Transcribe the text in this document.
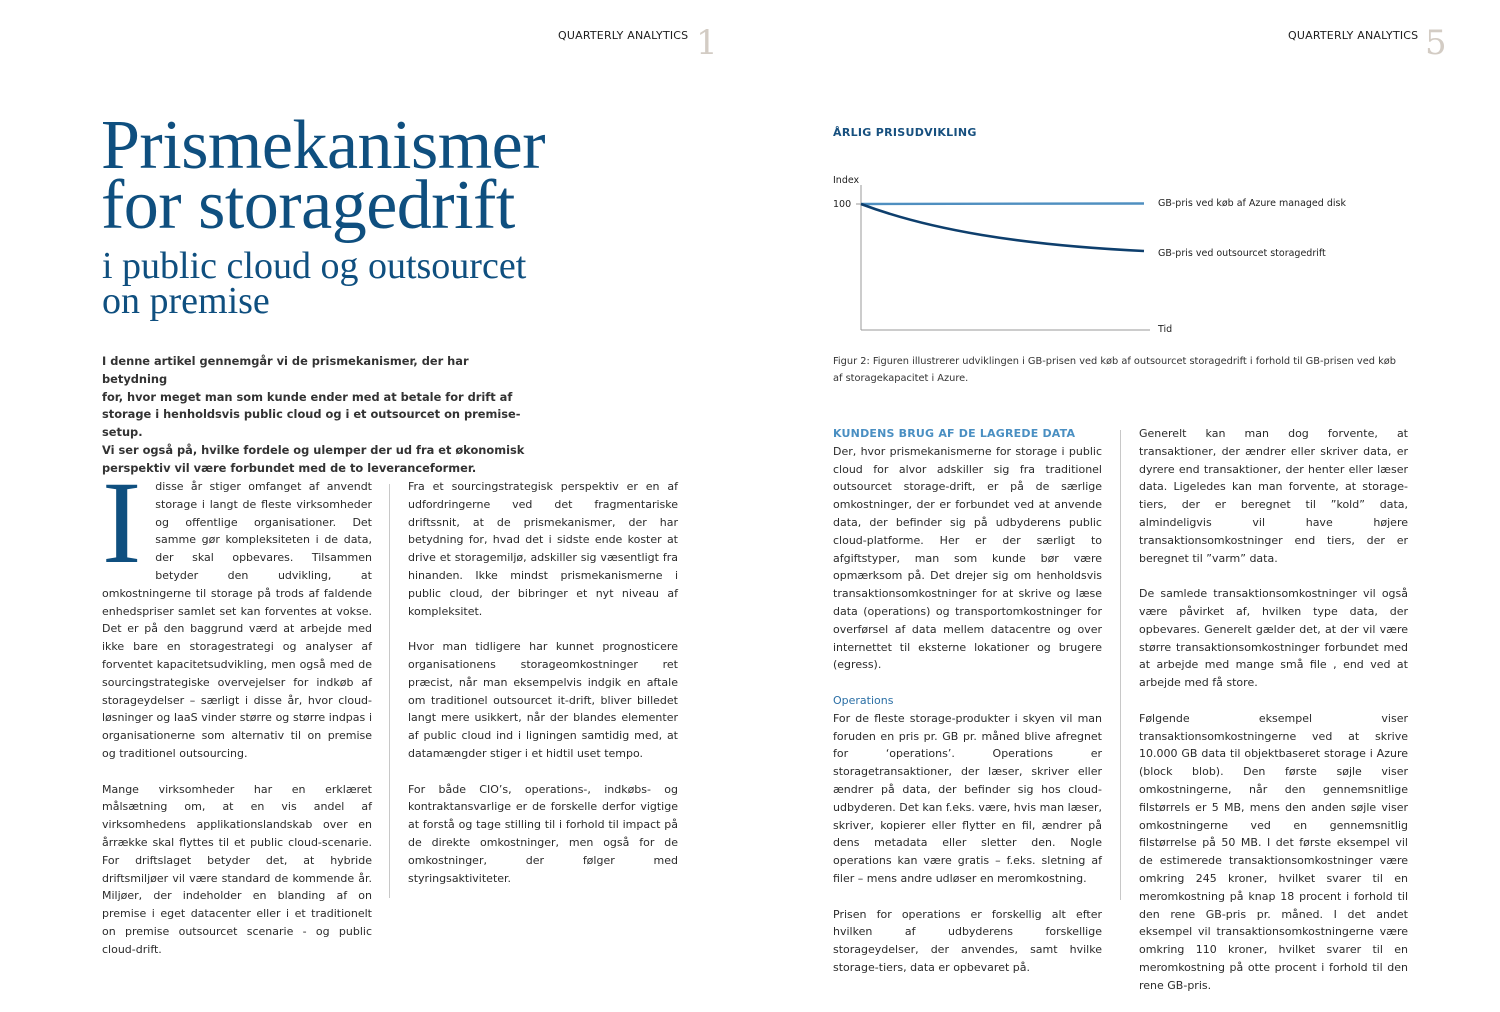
QUARTERLY ANALYTICS 1
Prismekanismer
for storagedrift
i public cloud og outsourcet
on premise
I denne artikel gennemgår vi de prismekanismer, der har betydning
for, hvor meget man som kunde ender med at betale for drift af
storage i henholdsvis public cloud og i et outsourcet on premise-setup.
Vi ser også på, hvilke fordele og ulemper der ud fra et økonomisk
perspektiv vil være forbundet med de to leveranceformer.

I disse år stiger omfanget af anvendt storage i langt de fleste virksomheder og offentlige organisationer. Det samme gør kompleksiteten i de data, der skal opbevares. Tilsammen betyder den udvikling, at omkostningerne til storage på trods af faldende enhedspriser samlet set kan forventes at vokse. Det er på den baggrund værd at arbejde med ikke bare en storagestrategi og analyser af forventet kapacitetsudvikling, men også med de sourcingstrategiske overvejelser for indkøb af storageydelser – særligt i disse år, hvor cloud-løsninger og IaaS vinder større og større indpas i organisationerne som alternativ til on premise og traditionel outsourcing.

Mange virksomheder har en erklæret målsætning om, at en vis andel af virksomhedens applikationslandskab over en årrække skal flyttes til et public cloud-scenarie. For driftslaget betyder det, at hybride driftsmiljøer vil være standard de kommende år. Miljøer, der indeholder en blanding af on premise i eget datacenter eller i et traditionelt on premise outsourcet scenarie - og public cloud-drift.

Fra et sourcingstrategisk perspektiv er en af udfordringerne ved det fragmentariske driftssnit, at de prismekanismer, der har betydning for, hvad det i sidste ende koster at drive et storagemiljø, adskiller sig væsentligt fra hinanden. Ikke mindst prismekanismerne i public cloud, der bibringer et nyt niveau af kompleksitet.

Hvor man tidligere har kunnet prognosticere organisationens storageomkostninger ret præcist, når man eksempelvis indgik en aftale om traditionel outsourcet it-drift, bliver billedet langt mere usikkert, når der blandes elementer af public cloud ind i ligningen samtidig med, at datamængder stiger i et hidtil uset tempo.

For både CIO’s, operations-, indkøbs- og kontraktansvarlige er de forskelle derfor vigtige at forstå og tage stilling til i forhold til impact på de direkte omkostninger, men også for de omkostninger, der følger med styringsaktiviteter.

QUARTERLY ANALYTICS 5
ÅRLIG PRISUDVIKLING
Index
100
Tid
GB-pris ved køb af Azure managed disk
GB-pris ved outsourcet storagedrift
Figur 2: Figuren illustrerer udviklingen i GB-prisen ved køb af outsourcet storagedrift i forhold til GB-prisen ved køb af storagekapacitet i Azure.
KUNDENS BRUG AF DE LAGREDE DATA

Der, hvor prismekanismerne for storage i public cloud for alvor adskiller sig fra traditionel outsourcet storage-drift, er på de særlige omkostninger, der er forbundet ved at anvende data, der befinder sig på udbyderens public cloud-platforme. Her er der særligt to afgiftstyper, man som kunde bør være opmærksom på. Det drejer sig om henholdsvis transaktionsomkostninger for at skrive og læse data (operations) og transportomkostninger for overførsel af data mellem datacentre og over internettet til eksterne lokationer og brugere (egress).

Operations

For de fleste storage-produkter i skyen vil man foruden en pris pr. GB pr. måned blive afregnet for ‘operations’. Operations er storagetransaktioner, der læser, skriver eller ændrer på data, der befinder sig hos cloud-udbyderen. Det kan f.eks. være, hvis man læser, skriver, kopierer eller flytter en fil, ændrer på dens metadata eller sletter den. Nogle operations kan være gratis – f.eks. sletning af filer – mens andre udløser en meromkostning.

Prisen for operations er forskellig alt efter hvilken af udbyderens forskellige storageydelser, der anvendes, samt hvilke storage-tiers, data er opbevaret på.

Generelt kan man dog forvente, at transaktioner, der ændrer eller skriver data, er dyrere end transaktioner, der henter eller læser data. Ligeledes kan man forvente, at storage-tiers, der er beregnet til ”kold” data, almindeligvis vil have højere transaktionsomkostninger end tiers, der er beregnet til ”varm” data.

De samlede transaktionsomkostninger vil også være påvirket af, hvilken type data, der opbevares. Generelt gælder det, at der vil være større transaktionsomkostninger forbundet med at arbejde med mange små file , end ved at arbejde med få store.

Følgende eksempel viser transaktionsomkostningerne ved at skrive 10.000 GB data til objektbaseret storage i Azure (block blob). Den første søjle viser omkostningerne, når den gennemsnitlige filstørrels er 5 MB, mens den anden søjle viser omkostningerne ved en gennemsnitlig filstørrelse på 50 MB. I det første eksempel vil de estimerede transaktionsomkostninger være omkring 245 kroner, hvilket svarer til en meromkostning på knap 18 procent i forhold til den rene GB-pris pr. måned. I det andet eksempel vil transaktionsomkostningerne være omkring 110 kroner, hvilket svarer til en meromkostning på otte procent i forhold til den rene GB-pris.
